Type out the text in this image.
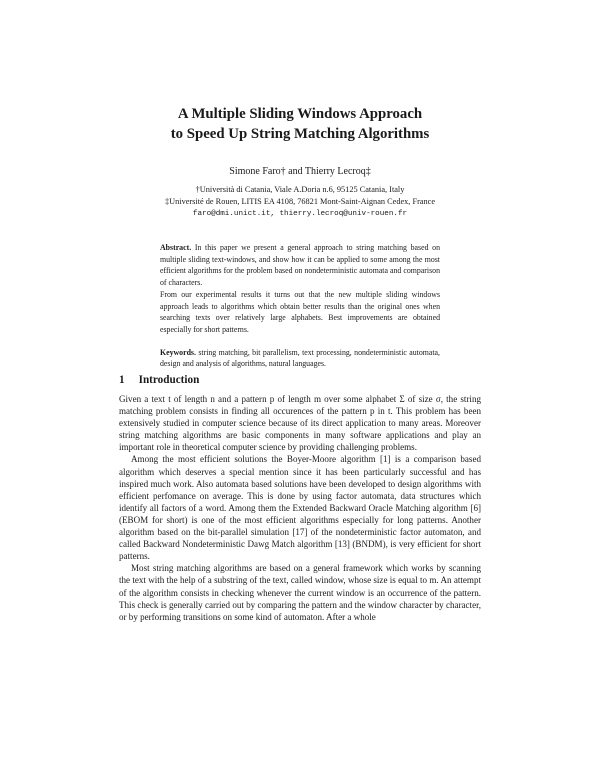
A Multiple Sliding Windows Approach
to Speed Up String Matching Algorithms
Simone Faro† and Thierry Lecroq‡
†Università di Catania, Viale A.Doria n.6, 95125 Catania, Italy
‡Université de Rouen, LITIS EA 4108, 76821 Mont-Saint-Aignan Cedex, France
faro@dmi.unict.it, thierry.lecroq@univ-rouen.fr

Abstract. In this paper we present a general approach to string matching based on multiple sliding text-windows, and show how it can be applied to some among the most efficient algorithms for the problem based on nondeterministic automata and comparison of characters.

From our experimental results it turns out that the new multiple sliding windows approach leads to algorithms which obtain better results than the original ones when searching texts over relatively large alphabets. Best improvements are obtained especially for short patterns.

Keywords. string matching, bit parallelism, text processing, nondeterministic automata, design and analysis of algorithms, natural languages.

1 Introduction

Given a text t of length n and a pattern p of length m over some alphabet Σ of size σ, the string matching problem consists in finding all occurences of the pattern p in t. This problem has been extensively studied in computer science because of its direct application to many areas. Moreover string matching algorithms are basic components in many software applications and play an important role in theoretical computer science by providing challenging problems.

Among the most efficient solutions the Boyer-Moore algorithm [1] is a comparison based algorithm which deserves a special mention since it has been particularly successful and has inspired much work. Also automata based solutions have been developed to design algorithms with efficient perfomance on average. This is done by using factor automata, data structures which identify all factors of a word. Among them the Extended Backward Oracle Matching algorithm [6] (EBOM for short) is one of the most efficient algorithms especially for long patterns. Another algorithm based on the bit-parallel simulation [17] of the nondeterministic factor automaton, and called Backward Nondeterministic Dawg Match algorithm [13] (BNDM), is very efficient for short patterns.

Most string matching algorithms are based on a general framework which works by scanning the text with the help of a substring of the text, called window, whose size is equal to m. An attempt of the algorithm consists in checking whenever the current window is an occurrence of the pattern. This check is generally carried out by comparing the pattern and the window character by character, or by performing transitions on some kind of automaton. After a whole
